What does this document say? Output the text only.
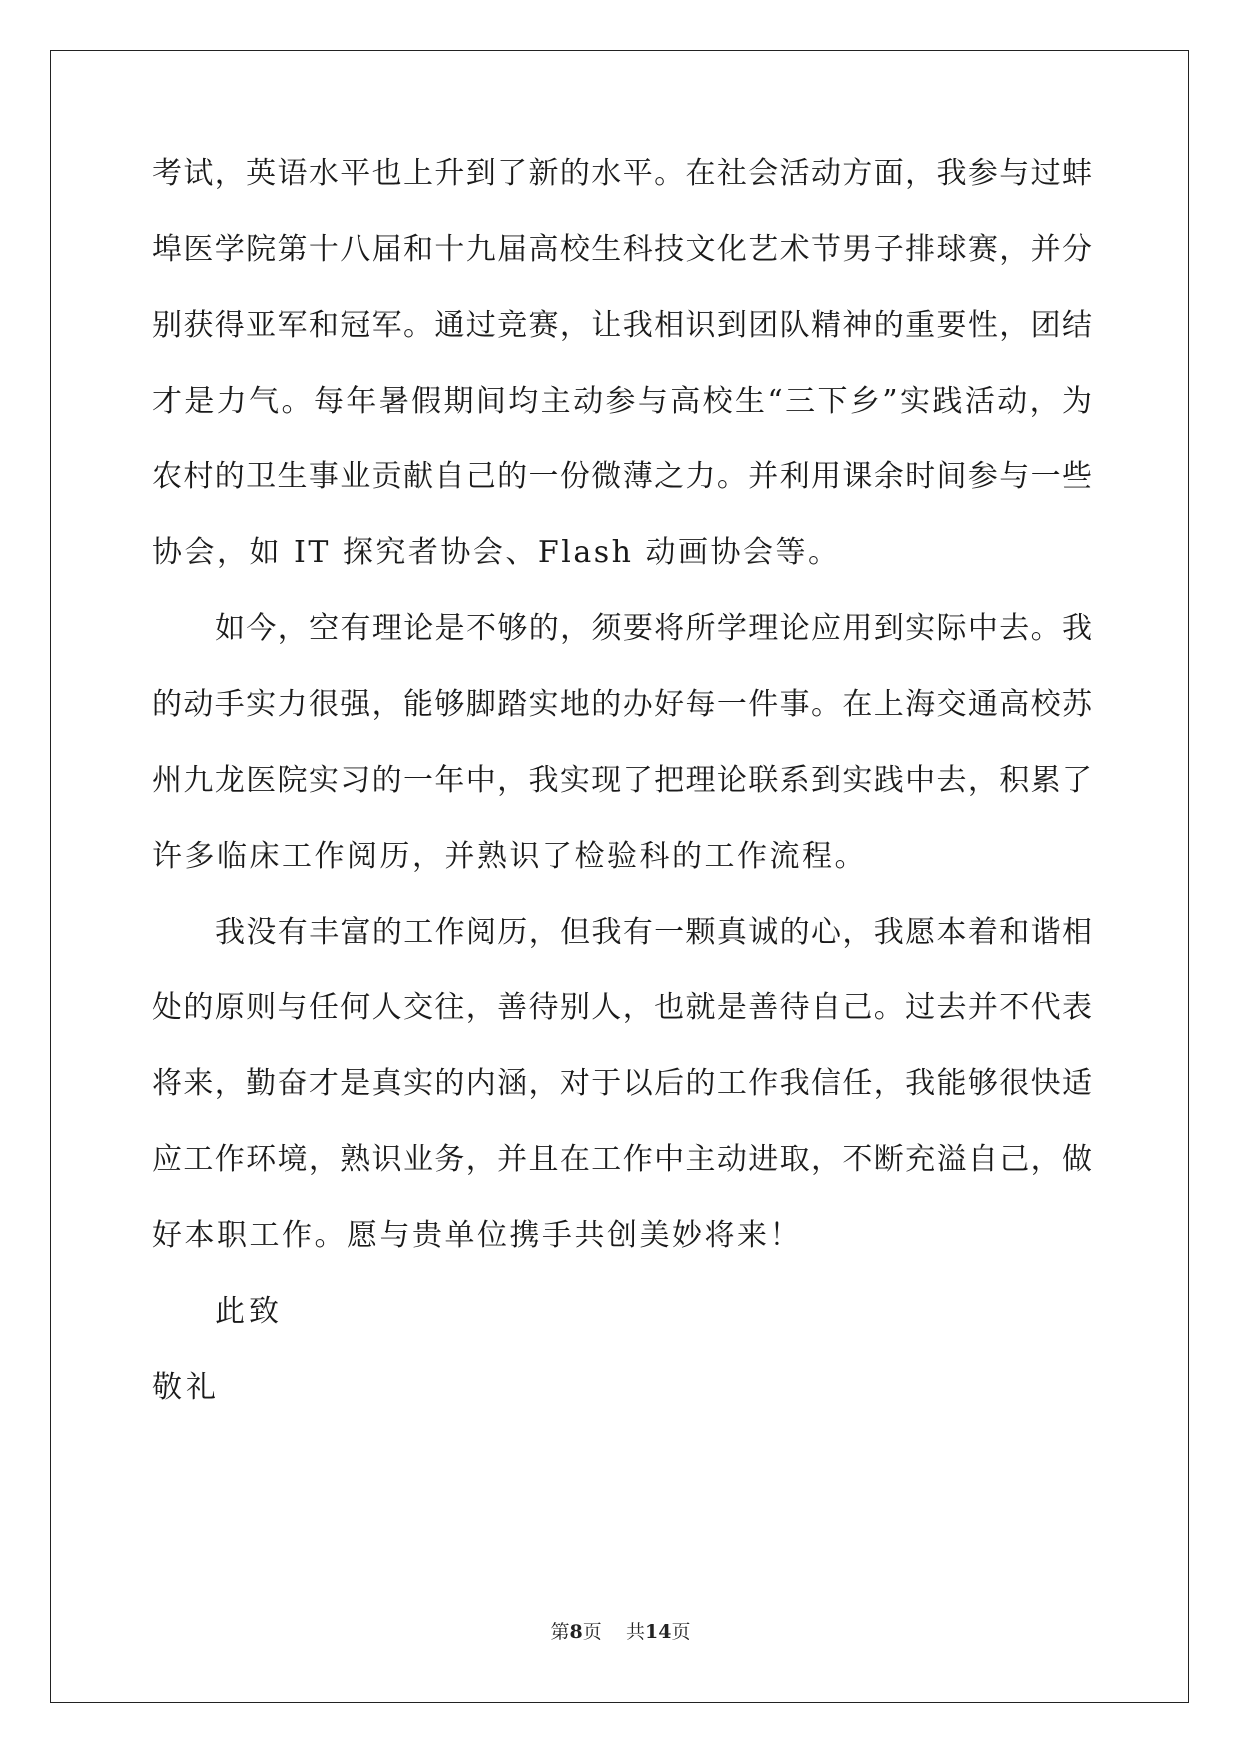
考试，英语水平也上升到了新的水平。在社会活动方面，我参与过蚌
埠医学院第十八届和十九届高校生科技文化艺术节男子排球赛，并分
别获得亚军和冠军。通过竞赛，让我相识到团队精神的重要性，团结
才是力气。每年暑假期间均主动参与高校生“三下乡”实践活动，为
农村的卫生事业贡献自己的一份微薄之力。并利用课余时间参与一些
协会，如 IT 探究者协会、Flash 动画协会等。
如今，空有理论是不够的，须要将所学理论应用到实际中去。我
的动手实力很强，能够脚踏实地的办好每一件事。在上海交通高校苏
州九龙医院实习的一年中，我实现了把理论联系到实践中去，积累了
许多临床工作阅历，并熟识了检验科的工作流程。
我没有丰富的工作阅历，但我有一颗真诚的心，我愿本着和谐相
处的原则与任何人交往，善待别人，也就是善待自己。过去并不代表
将来，勤奋才是真实的内涵，对于以后的工作我信任，我能够很快适
应工作环境，熟识业务，并且在工作中主动进取，不断充溢自己，做
好本职工作。愿与贵单位携手共创美妙将来！
此致
敬礼
第8页 共14页
